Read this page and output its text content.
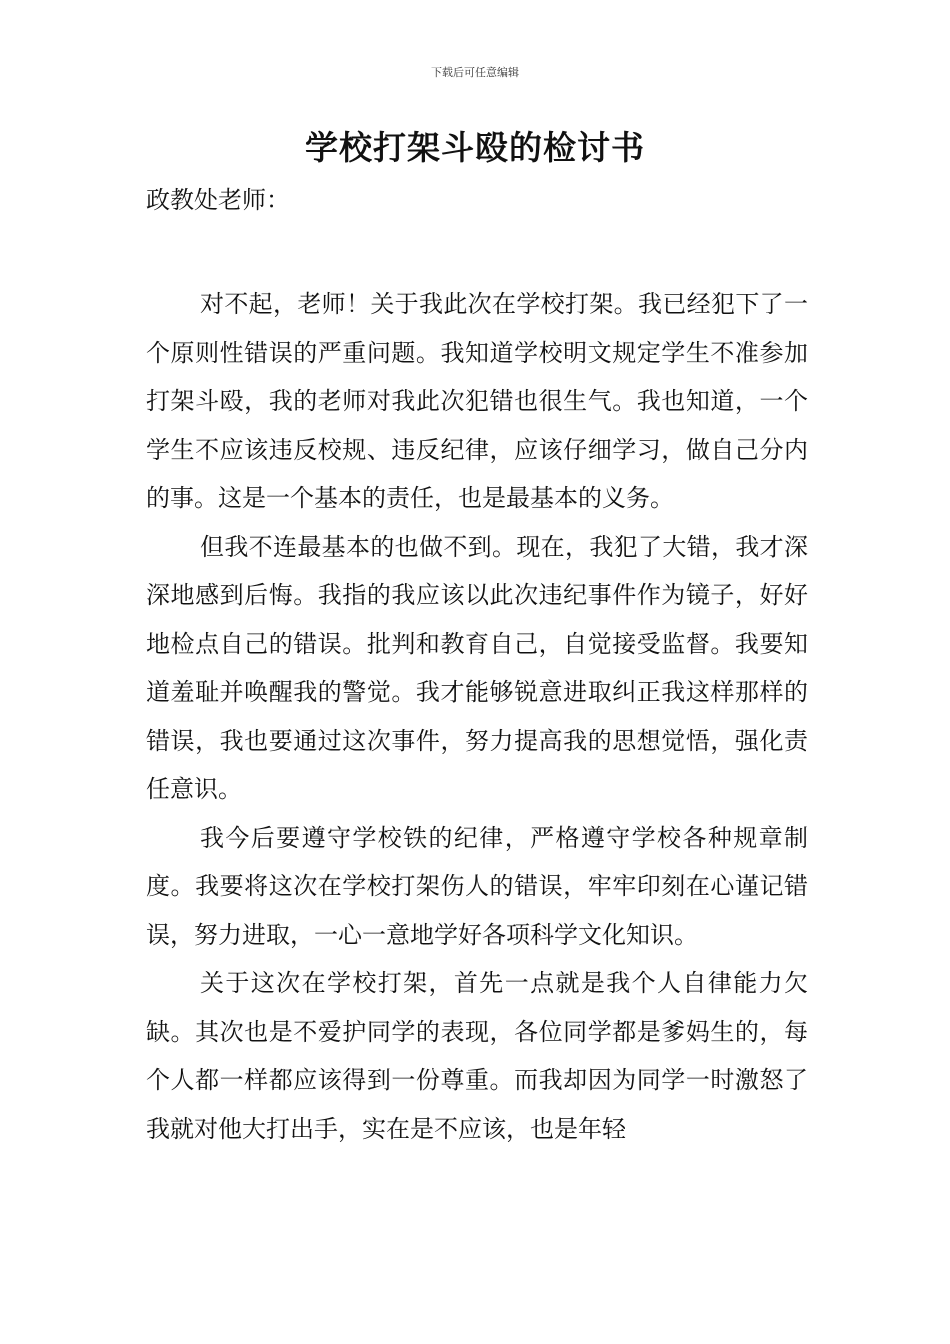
下载后可任意编辑
学校打架斗殴的检讨书

政教处老师：

对不起，老师！关于我此次在学校打架。我已经犯下了一个原则性错误的严重问题。我知道学校明文规定学生不准参加打架斗殴，我的老师对我此次犯错也很生气。我也知道，一个学生不应该违反校规、违反纪律，应该仔细学习，做自己分内的事。这是一个基本的责任，也是最基本的义务。

但我不连最基本的也做不到。现在，我犯了大错，我才深深地感到后悔。我指的我应该以此次违纪事件作为镜子，好好地检点自己的错误。批判和教育自己，自觉接受监督。我要知道羞耻并唤醒我的警觉。我才能够锐意进取纠正我这样那样的错误，我也要通过这次事件，努力提高我的思想觉悟，强化责任意识。

我今后要遵守学校铁的纪律，严格遵守学校各种规章制度。我要将这次在学校打架伤人的错误，牢牢印刻在心谨记错误，努力进取，一心一意地学好各项科学文化知识。

关于这次在学校打架，首先一点就是我个人自律能力欠缺。其次也是不爱护同学的表现，各位同学都是爹妈生的，每个人都一样都应该得到一份尊重。而我却因为同学一时激怒了我就对他大打出手，实在是不应该，也是年轻
